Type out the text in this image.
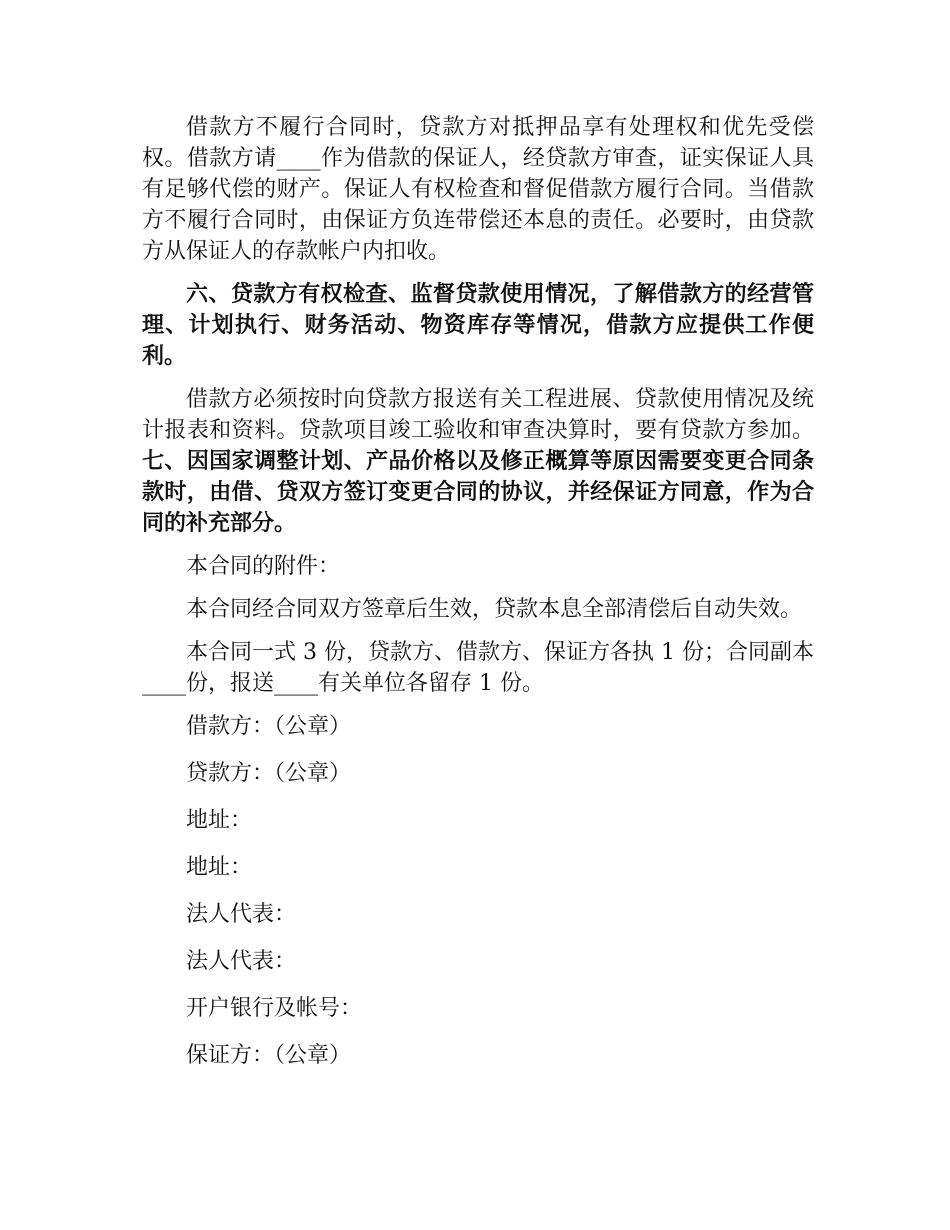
借款方不履行合同时，贷款方对抵押品享有处理权和优先受偿权。借款方请____作为借款的保证人，经贷款方审查，证实保证人具有足够代偿的财产。保证人有权检查和督促借款方履行合同。当借款方不履行合同时，由保证方负连带偿还本息的责任。必要时，由贷款方从保证人的存款帐户内扣收。

六、贷款方有权检查、监督贷款使用情况，了解借款方的经营管理、计划执行、财务活动、物资库存等情况，借款方应提供工作便利。

借款方必须按时向贷款方报送有关工程进展、贷款使用情况及统计报表和资料。贷款项目竣工验收和审查决算时，要有贷款方参加。七、因国家调整计划、产品价格以及修正概算等原因需要变更合同条款时，由借、贷双方签订变更合同的协议，并经保证方同意，作为合同的补充部分。

本合同的附件：

本合同经合同双方签章后生效，贷款本息全部清偿后自动失效。

本合同一式 3 份，贷款方、借款方、保证方各执 1 份；合同副本____份，报送____有关单位各留存 1 份。

借款方：（公章）

贷款方：（公章）

地址：

地址：

法人代表：

法人代表：

开户银行及帐号：

保证方：（公章）
